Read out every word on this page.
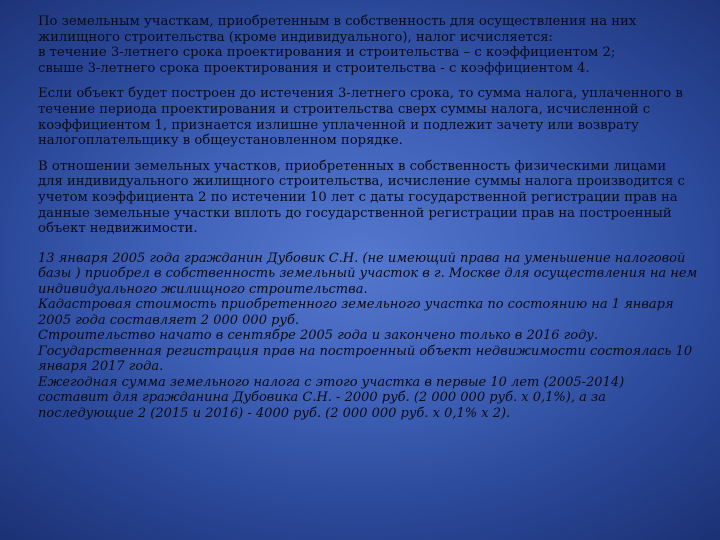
По земельным участкам, приобретенным в собственность для осуществления на них
жилищного строительства (кроме индивидуального), налог исчисляется:
в течение 3-летнего срока проектирования и строительства – с коэффициентом 2;
свыше 3-летнего срока проектирования и строительства - с коэффициентом 4.
Если объект будет построен до истечения 3-летнего срока, то сумма налога, уплаченного в
течение периода проектирования и строительства сверх суммы налога, исчисленной с
коэффициентом 1, признается излишне уплаченной и подлежит зачету или возврату
налогоплательщику в общеустановленном порядке.
В отношении земельных участков, приобретенных в собственность физическими лицами
для индивидуального жилищного строительства, исчисление суммы налога производится с
учетом коэффициента 2 по истечении 10 лет с даты государственной регистрации прав на
данные земельные участки вплоть до государственной регистрации прав на построенный
объект недвижимости.
13 января 2005 года гражданин Дубовик С.Н. (не имеющий права на уменьшение налоговой
базы ) приобрел в собственность земельный участок в г. Москве для осуществления на нем
индивидуального жилищного строительства.
Кадастровая стоимость приобретенного земельного участка по состоянию на 1 января
2005 года составляет 2 000 000 руб.
Строительство начато в сентябре 2005 года и закончено только в 2016 году.
Государственная регистрация прав на построенный объект недвижимости состоялась 10
января 2017 года.
Ежегодная сумма земельного налога с этого участка в первые 10 лет (2005-2014)
составит для гражданина Дубовика С.Н. - 2000 руб. (2 000 000 руб. х 0,1%), а за
последующие 2 (2015 и 2016) - 4000 руб. (2 000 000 руб. х 0,1% х 2).
